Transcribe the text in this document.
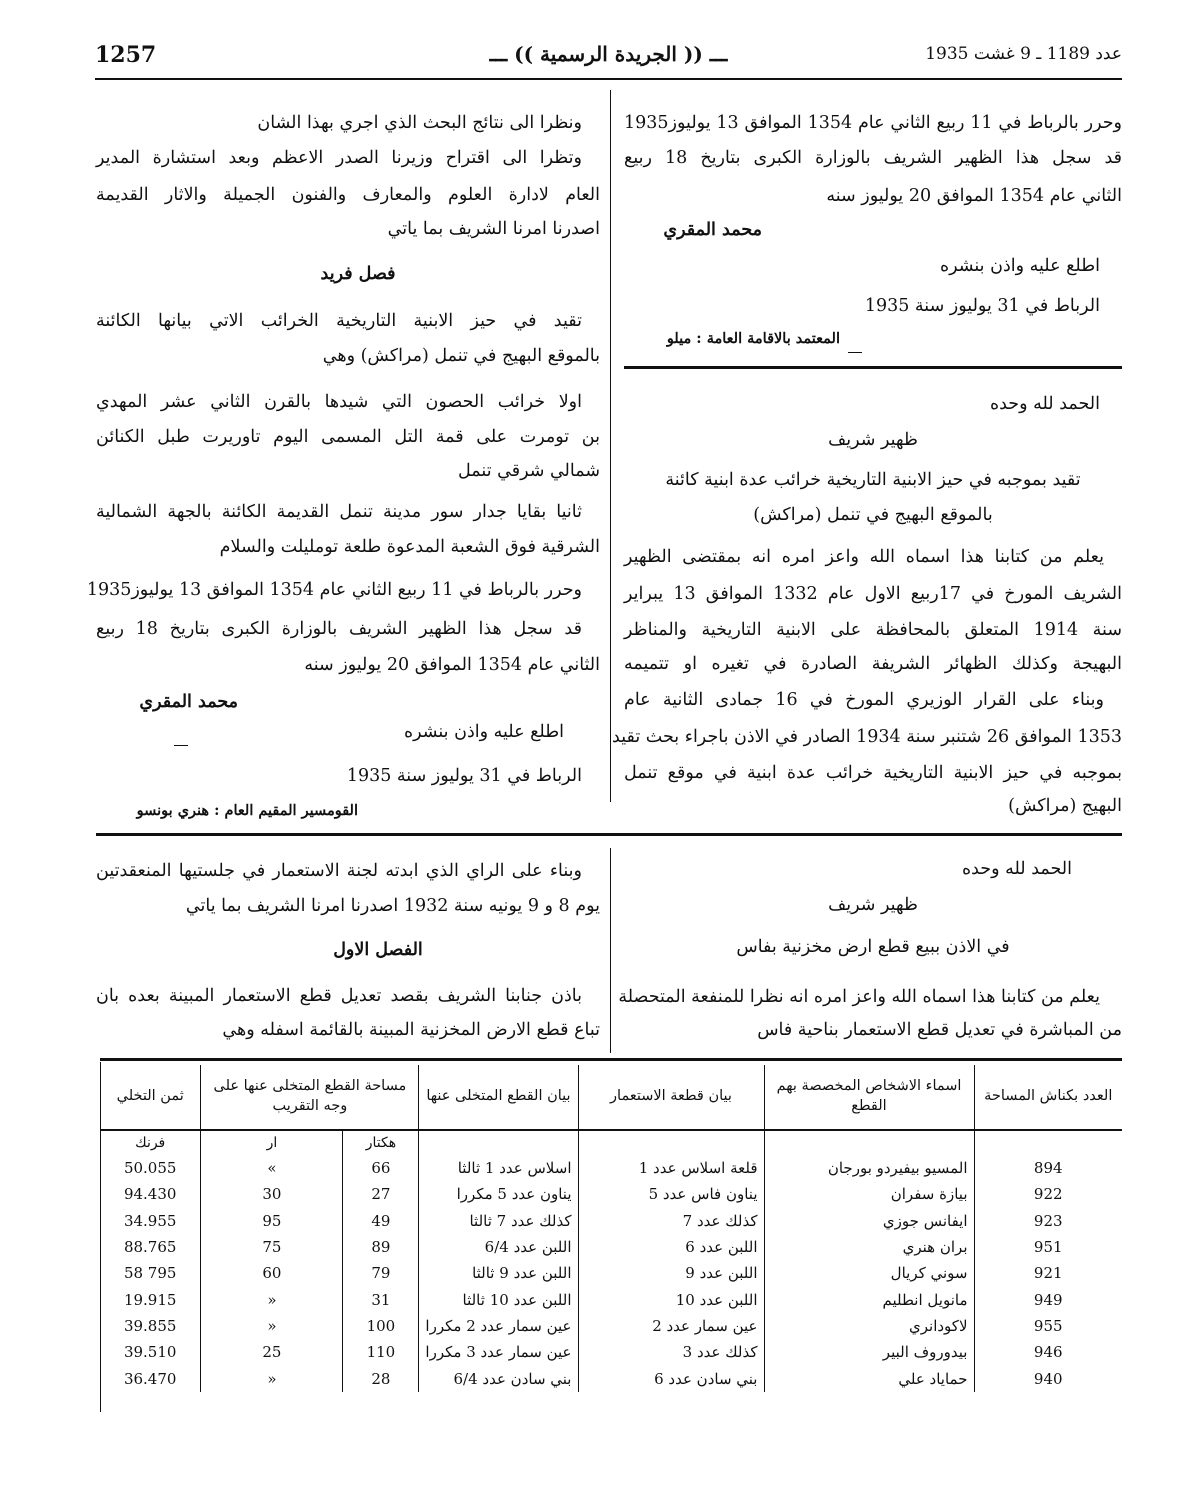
1257	ـــ (( الجريدة الرسمية )) ـــ	عدد 1189 ـ 9 غشت 1935
وحرر بالرباط في 11 ربيع الثاني عام 1354 الموافق 13 يوليوز1935
قد سجل هذا الظهير الشريف بالوزارة الكبرى بتاريخ 18 ربيع
الثاني عام 1354 الموافق 20 يوليوز سنه
محمد المقري
اطلع عليه واذن بنشره
الرباط في 31 يوليوز سنة 1935
المعتمد بالاقامة العامة : ميلو
الحمد لله وحده
ظهير شريف
تقيد بموجبه في حيز الابنية التاريخية خرائب عدة ابنية كائنة
بالموقع البهيج في تنمل (مراكش)
يعلم من كتابنا هذا اسماه الله واعز امره انه بمقتضى الظهير
الشريف المورخ في 17ربيع الاول عام 1332 الموافق 13 يبراير
سنة 1914 المتعلق بالمحافظة على الابنية التاريخية والمناظر
البهيجة وكذلك الظهائر الشريفة الصادرة في تغيره او تتميمه
وبناء على القرار الوزيري المورخ في 16 جمادى الثانية عام
1353 الموافق 26 شتنبر سنة 1934 الصادر في الاذن باجراء بحث تقيد
بموجبه في حيز الابنية التاريخية خرائب عدة ابنية في موقع تنمل
البهيج (مراكش)
ونظرا الى نتائج البحث الذي اجري بهذا الشان
وتظرا الى اقتراح وزيرنا الصدر الاعظم وبعد استشارة المدير
العام لادارة العلوم والمعارف والفنون الجميلة والاثار القديمة
اصدرنا امرنا الشريف بما ياتي
فصل فريد
تقيد في حيز الابنية التاريخية الخرائب الاتي بيانها الكائنة
بالموقع البهيج في تنمل (مراكش) وهي
اولا خرائب الحصون التي شيدها بالقرن الثاني عشر المهدي
بن تومرت على قمة التل المسمى اليوم تاوريرت طبل الكنائن
شمالي شرقي تنمل
ثانيا بقايا جدار سور مدينة تنمل القديمة الكائنة بالجهة الشمالية
الشرقية فوق الشعبة المدعوة طلعة تومليلت والسلام
وحرر بالرباط في 11 ربيع الثاني عام 1354 الموافق 13 يوليوز1935
قد سجل هذا الظهير الشريف بالوزارة الكبرى بتاريخ 18 ربيع
الثاني عام 1354 الموافق 20 يوليوز سنه
محمد المقري
اطلع عليه واذن بنشره
الرباط في 31 يوليوز سنة 1935
القومسير المقيم العام : هنري بونسو
الحمد لله وحده
ظهير شريف
في الاذن ببيع قطع ارض مخزنية بفاس
يعلم من كتابنا هذا اسماه الله واعز امره انه نظرا للمنفعة المتحصلة
من المباشرة في تعديل قطع الاستعمار بناحية فاس
وبناء على الراي الذي ابدته لجنة الاستعمار في جلستيها المنعقدتين
يوم 8 و 9 يونيه سنة 1932 اصدرنا امرنا الشريف بما ياتي
الفصل الاول
باذن جنابنا الشريف بقصد تعديل قطع الاستعمار المبينة بعده بان
تباع قطع الارض المخزنية المبينة بالقائمة اسفله وهي
العدد بكناش المساحة	اسماء الاشخاص المخصصة بهم القطع	بيان قطعة الاستعمار	بيان القطع المتخلى عنها	مساحة القطع المتخلى عنها على وجه التقريب		ثمن التخلي
				هكتار	ار	فرنك
894	المسيو بيفيردو بورجان	قلعة اسلاس عدد 1	اسلاس عدد 1 ثالثا	66	«	50.055
922	بيازة سفران	يناون فاس عدد 5	يناون عدد 5 مكررا	27	30	94.430
923	ايفانس جوزي	كذلك عدد 7	كذلك عدد 7 ثالثا	49	95	34.955
951	بران هنري	اللبن عدد 6	اللبن عدد 6/4	89	75	88.765
921	سوني كريال	اللبن عدد 9	اللبن عدد 9 ثالثا	79	60	58 795
949	مانويل انطليم	اللبن عدد 10	اللبن عدد 10 ثالثا	31	»	19.915
955	لاكودانري	عين سمار عدد 2	عين سمار عدد 2 مكررا	100	»	39.855
946	بيدوروف البير	كذلك عدد 3	عين سمار عدد 3 مكررا	110	25	39.510
940	حماياد علي	بني سادن عدد 6	بني سادن عدد 6/4	28	»	36.470
